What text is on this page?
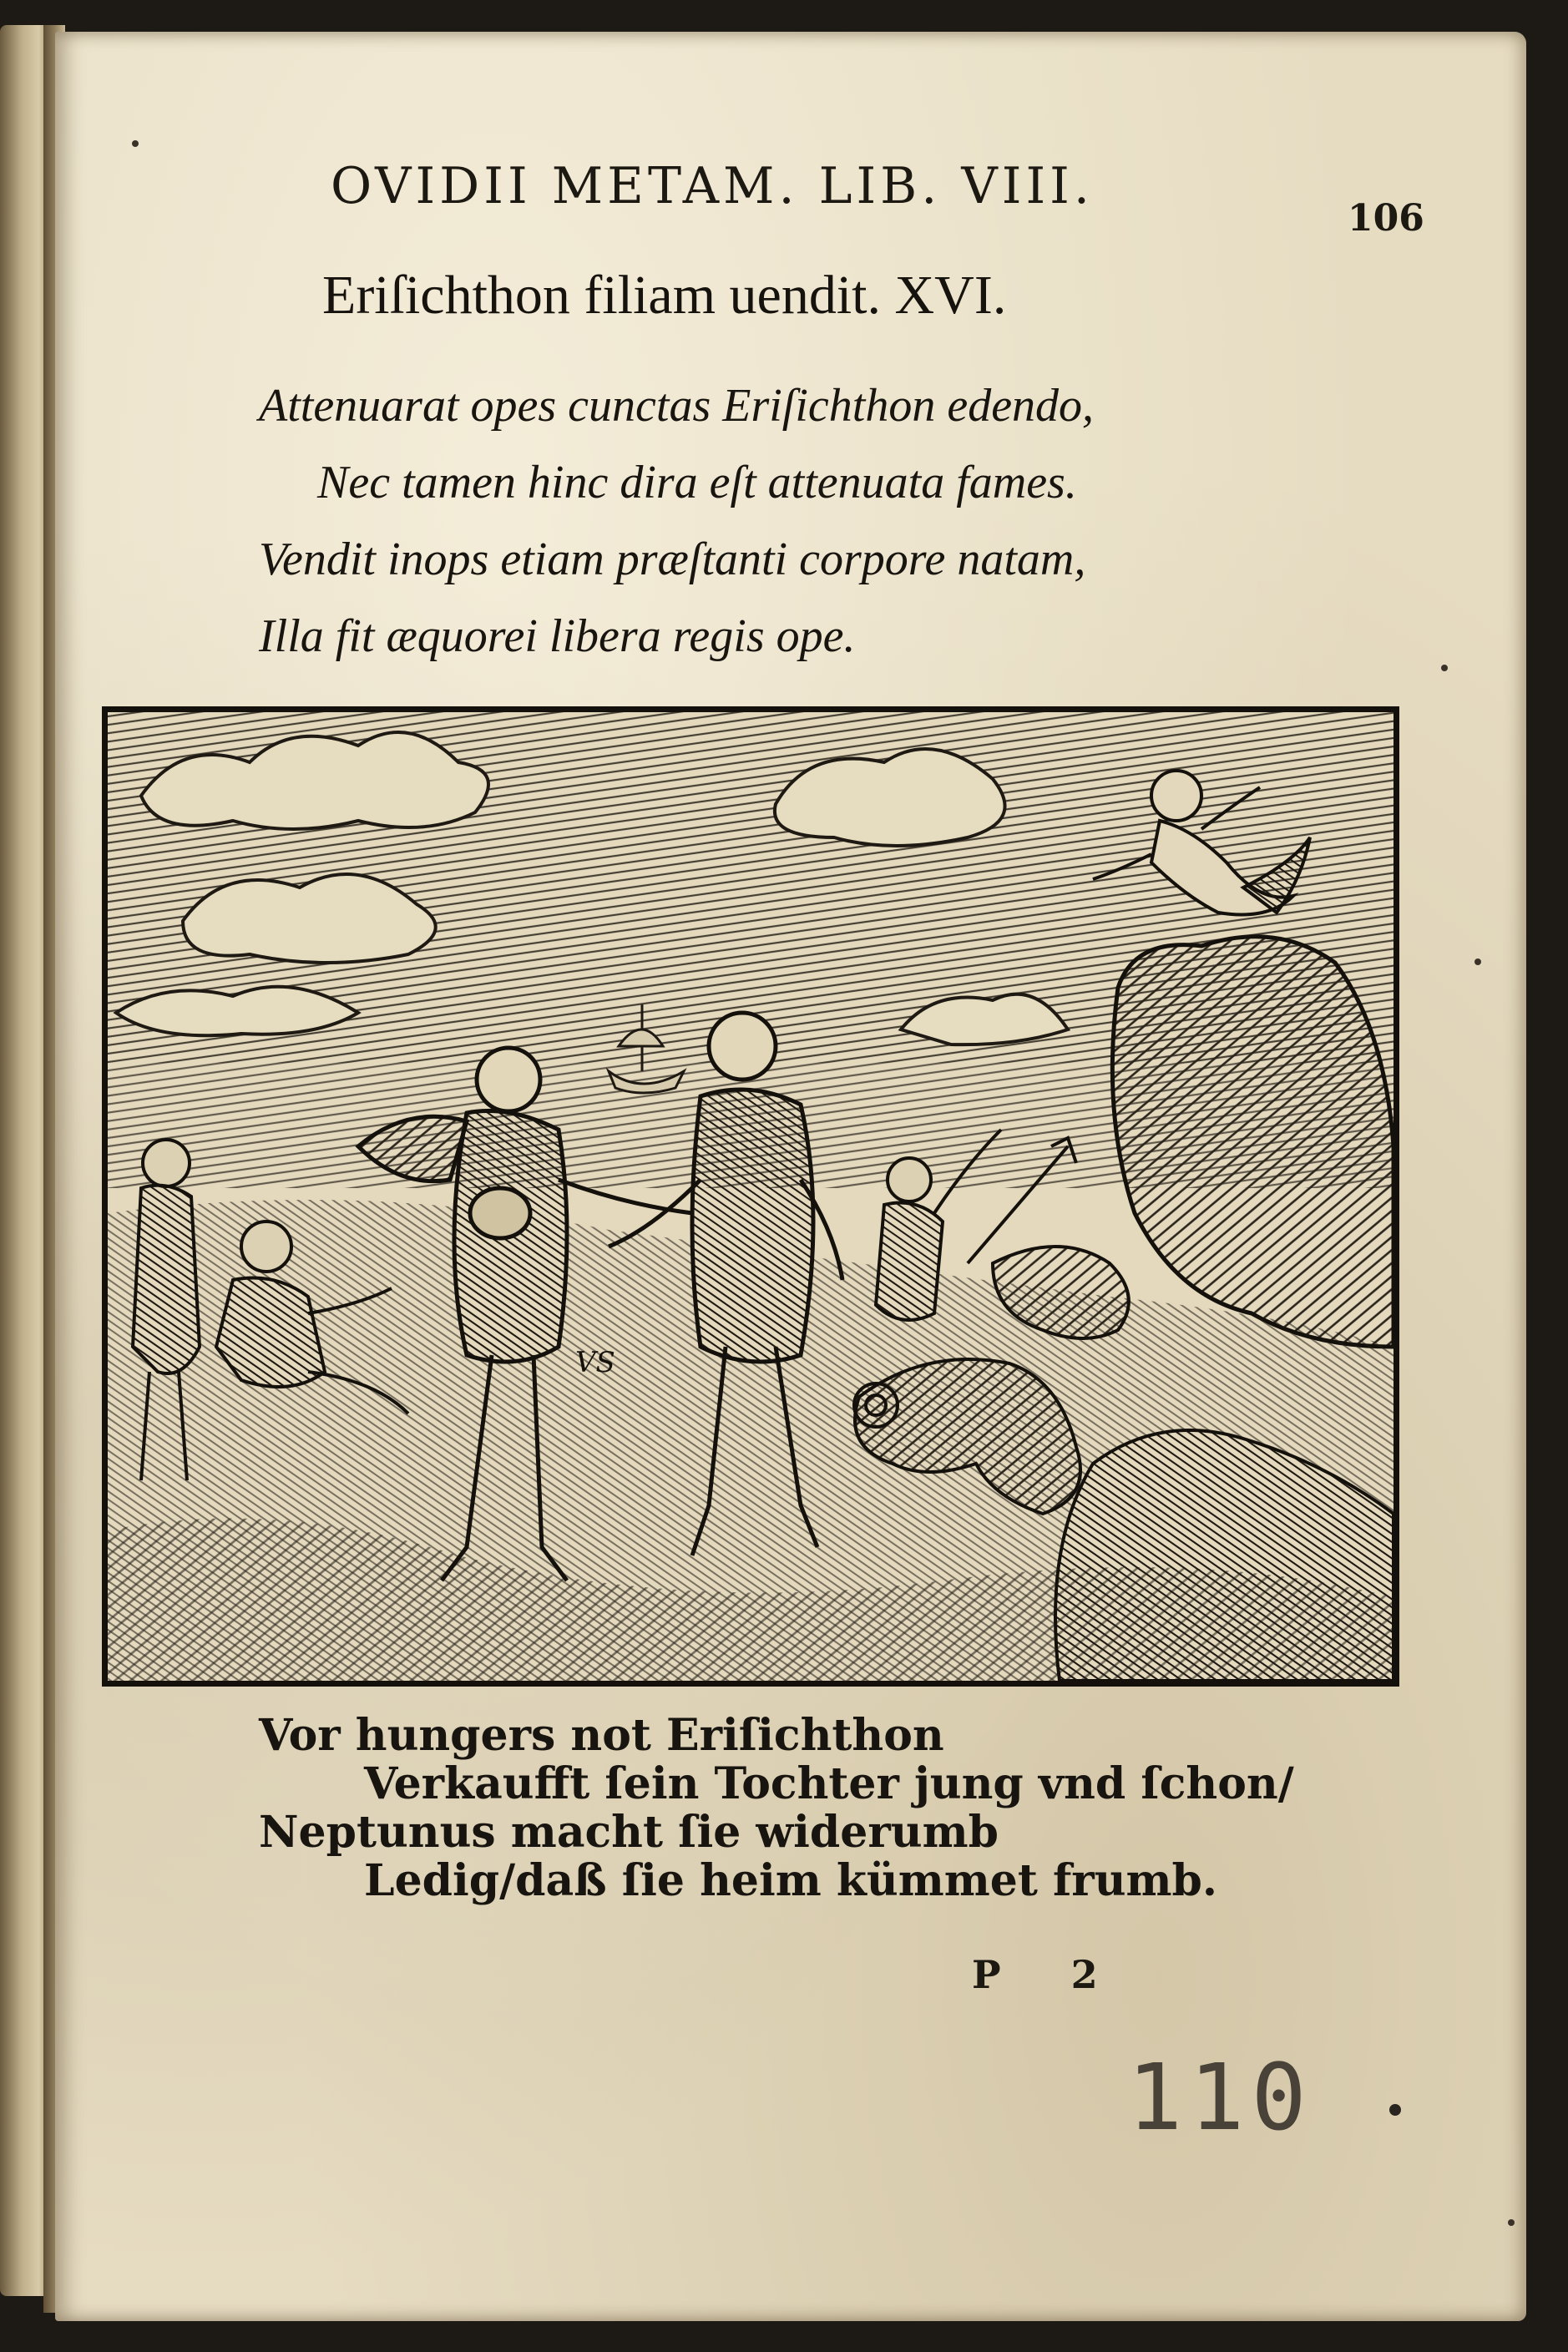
OVIDII METAM. LIB. VIII.
106
Eriſichthon filiam uendit. XVI.
Attenuarat opes cunctas Eriſichthon edendo,
Nec tamen hinc dira eſt attenuata fames.
Vendit inops etiam præſtanti corpore natam,
Illa fit æquorei libera regis ope.
VS
Vor hungers not Eriſichthon
Verkaufft ſein Tochter jung vnd ſchon/
Neptunus macht ſie widerumb
Ledig/daß ſie heim kümmet frumb.
P 2
110
